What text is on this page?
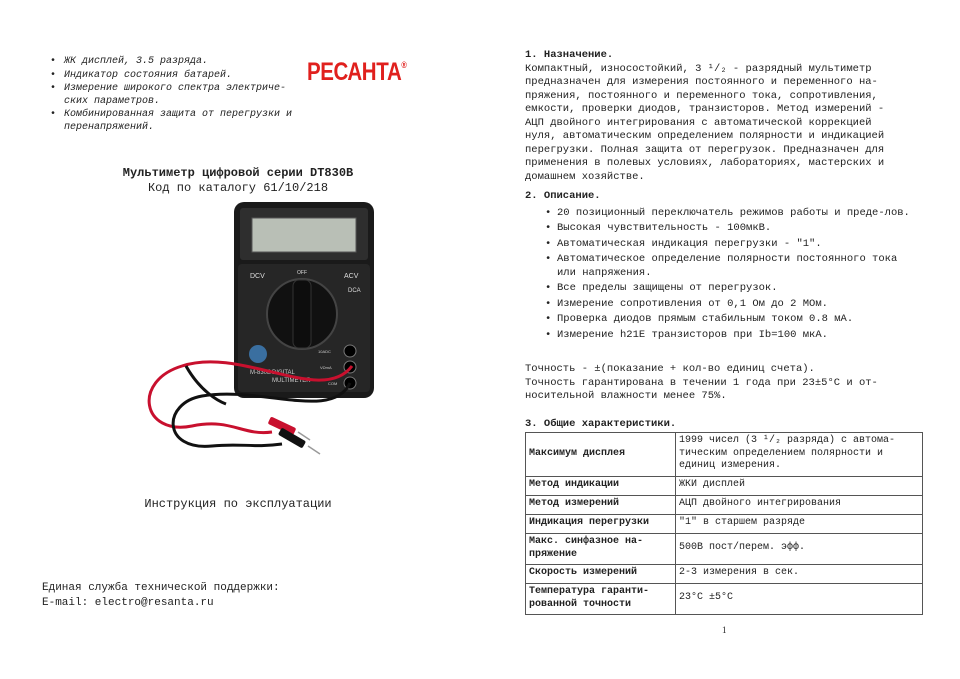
• ЖК дисплей, 3.5 разряда.
• Индикатор состояния батарей.
• Измерение широкого спектра электриче-ских параметров.
• Комбинированная защита от перегрузки и перенапряжений.
РЕСАНТА®
Мультиметр цифровой серии DT830B
Код по каталогу 61/10/218
DCV	ACV
DCA
OFF
M-830B DIGITAL
MULTIMETER
10ADC
VΩmA
COM
Инструкция по эксплуатации
Единая служба технической поддержки:
E-mail: electro@resanta.ru
1. Назначение.
Компактный, износостойкий, 3 ¹/₂ - разрядный мультиметр
предназначен для измерения постоянного и переменного на-
пряжения, постоянного и переменного тока, сопротивления,
емкости, проверки диодов, транзисторов. Метод измерений -
АЦП двойного интегрирования с автоматической коррекцией
нуля, автоматическим определением полярности и индикацией
перегрузки. Полная защита от перегрузок. Предназначен для
применения в полевых условиях, лабораториях, мастерских и
домашнем хозяйстве.
2. Описание.
• 20 позиционный переключатель режимов работы и преде-лов.
• Высокая чувствительность - 100мкВ.
• Автоматическая индикация перегрузки - "1".
• Автоматическое определение полярности постоянного тока или напряжения.
• Все пределы защищены от перегрузок.
• Измерение сопротивления от 0,1 Ом до 2 МОм.
• Проверка диодов прямым стабильным током 0.8 мА.
• Измерение h21E транзисторов при Ib=100 мкА.
Точность - ±(показание + кол-во единиц счета).
Точность гарантирована в течении 1 года при 23±5°С и от-
носительной влажности менее 75%.
3. Общие характеристики.
Максимум дисплея	1999 чисел (3 ¹/₂ разряда) с автома-тическим определением полярности и единиц измерения.
Метод индикации	ЖКИ дисплей
Метод измерений	АЦП двойного интегрирования
Индикация перегрузки	"1" в старшем разряде
Макс. синфазное на-пряжение	500В пост/перем. эфф.
Скорость измерений	2-3 измерения в сек.
Температура гаранти-рованной точности	23°С ±5°С
1
